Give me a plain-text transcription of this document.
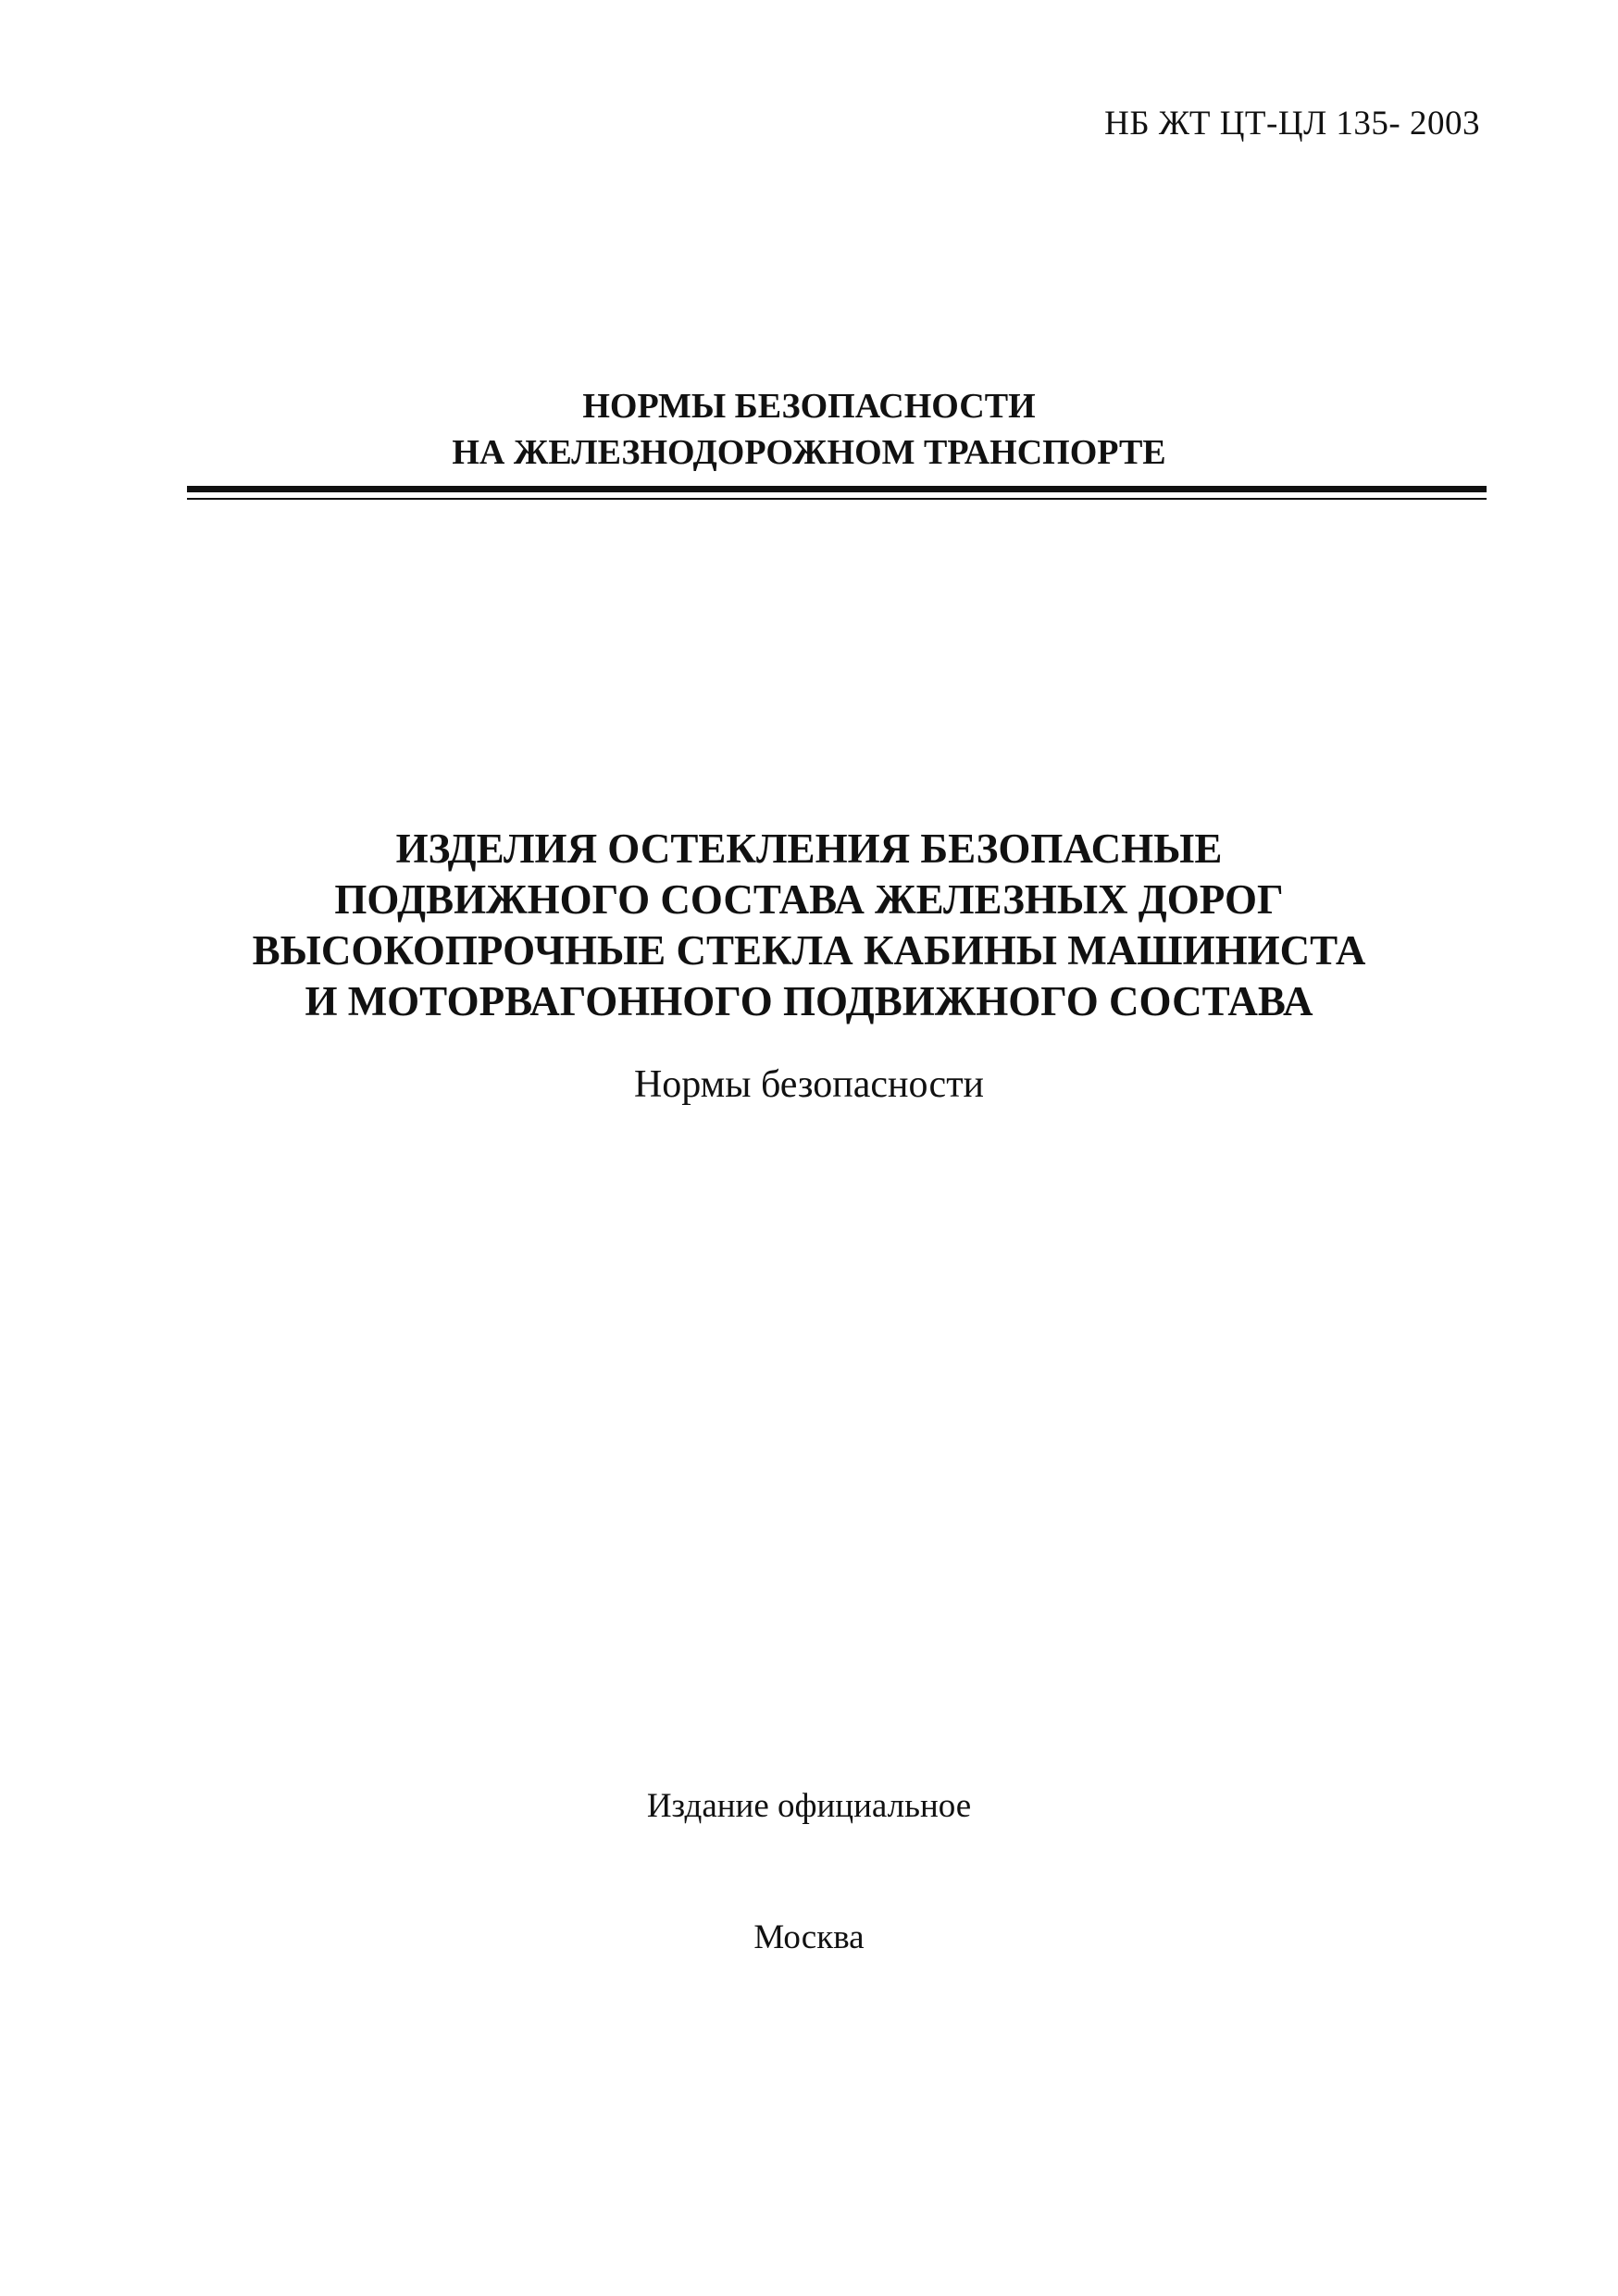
НБ ЖТ ЦТ-ЦЛ 135- 2003
НОРМЫ БЕЗОПАСНОСТИ
НА ЖЕЛЕЗНОДОРОЖНОМ ТРАНСПОРТЕ
ИЗДЕЛИЯ ОСТЕКЛЕНИЯ БЕЗОПАСНЫЕ
ПОДВИЖНОГО СОСТАВА ЖЕЛЕЗНЫХ ДОРОГ
ВЫСОКОПРОЧНЫЕ СТЕКЛА КАБИНЫ МАШИНИСТА
И МОТОРВАГОННОГО ПОДВИЖНОГО СОСТАВА
Нормы безопасности
Издание официальное
Москва
